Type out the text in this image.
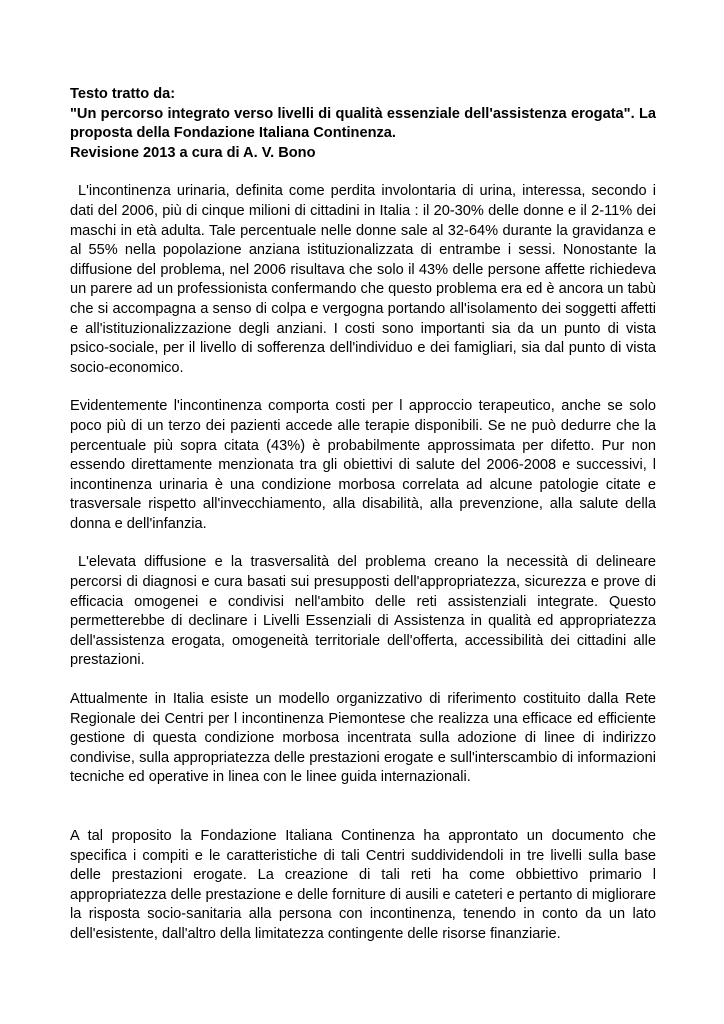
Testo tratto da:
"Un percorso integrato verso livelli di qualità essenziale dell'assistenza erogata". La proposta della Fondazione Italiana Continenza.
Revisione 2013 a cura di A. V. Bono

L'incontinenza urinaria, definita come perdita involontaria di urina, interessa, secondo i dati del 2006, più di cinque milioni di cittadini in Italia : il 20-30% delle donne e il 2-11% dei maschi in età adulta. Tale percentuale nelle donne sale al 32-64% durante la gravidanza e al 55% nella popolazione anziana istituzionalizzata di entrambe i sessi. Nonostante la diffusione del problema, nel 2006 risultava che solo il 43% delle persone affette richiedeva un parere ad un professionista confermando che questo problema era ed è ancora un tabù che si accompagna a senso di colpa e vergogna portando all'isolamento dei soggetti affetti e all'istituzionalizzazione degli anziani. I costi sono importanti sia da un punto di vista psico-sociale, per il livello di sofferenza dell'individuo e dei famigliari, sia dal punto di vista socio-economico.

Evidentemente l'incontinenza comporta costi per l approccio terapeutico, anche se solo poco più di un terzo dei pazienti accede alle terapie disponibili. Se ne può dedurre che la percentuale più sopra citata (43%) è probabilmente approssimata per difetto. Pur non essendo direttamente menzionata tra gli obiettivi di salute del 2006-2008 e successivi, l incontinenza urinaria è una condizione morbosa correlata ad alcune patologie citate e trasversale rispetto all'invecchiamento, alla disabilità, alla prevenzione, alla salute della donna e dell'infanzia.

L'elevata diffusione e la trasversalità del problema creano la necessità di delineare percorsi di diagnosi e cura basati sui presupposti dell'appropriatezza, sicurezza e prove di efficacia omogenei e condivisi nell'ambito delle reti assistenziali integrate. Questo permetterebbe di declinare i Livelli Essenziali di Assistenza in qualità ed appropriatezza dell'assistenza erogata, omogeneità territoriale dell'offerta, accessibilità dei cittadini alle prestazioni.

Attualmente in Italia esiste un modello organizzativo di riferimento costituito dalla Rete Regionale dei Centri per l incontinenza Piemontese che realizza una efficace ed efficiente gestione di questa condizione morbosa incentrata sulla adozione di linee di indirizzo condivise, sulla appropriatezza delle prestazioni erogate e sull'interscambio di informazioni tecniche ed operative in linea con le linee guida internazionali.

A tal proposito la Fondazione Italiana Continenza ha approntato un documento che specifica i compiti e le caratteristiche di tali Centri suddividendoli in tre livelli sulla base delle prestazioni erogate. La creazione di tali reti ha come obbiettivo primario l appropriatezza delle prestazione e delle forniture di ausili e cateteri e pertanto di migliorare la risposta socio-sanitaria alla persona con incontinenza, tenendo in conto da un lato dell'esistente, dall'altro della limitatezza contingente delle risorse finanziarie.
